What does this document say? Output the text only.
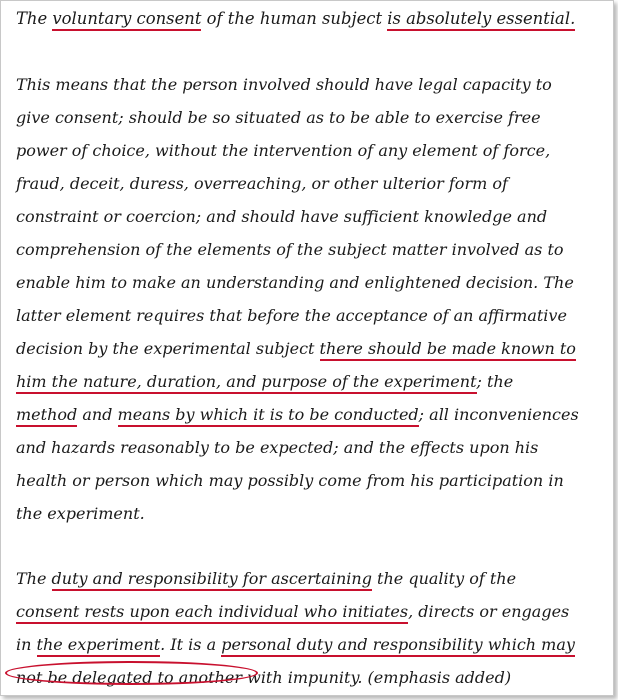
The voluntary consent of the human subject is absolutely essential.
This means that the person involved should have legal capacity to
give consent; should be so situated as to be able to exercise free
power of choice, without the intervention of any element of force,
fraud, deceit, duress, overreaching, or other ulterior form of
constraint or coercion; and should have sufficient knowledge and
comprehension of the elements of the subject matter involved as to
enable him to make an understanding and enlightened decision. The
latter element requires that before the acceptance of an affirmative
decision by the experimental subject there should be made known to
him the nature, duration, and purpose of the experiment; the
method and means by which it is to be conducted; all inconveniences
and hazards reasonably to be expected; and the effects upon his
health or person which may possibly come from his participation in
the experiment.
The duty and responsibility for ascertaining the quality of the
consent rests upon each individual who initiates, directs or engages
in the experiment. It is a personal duty and responsibility which may
not be delegated to another with impunity. (emphasis added)
